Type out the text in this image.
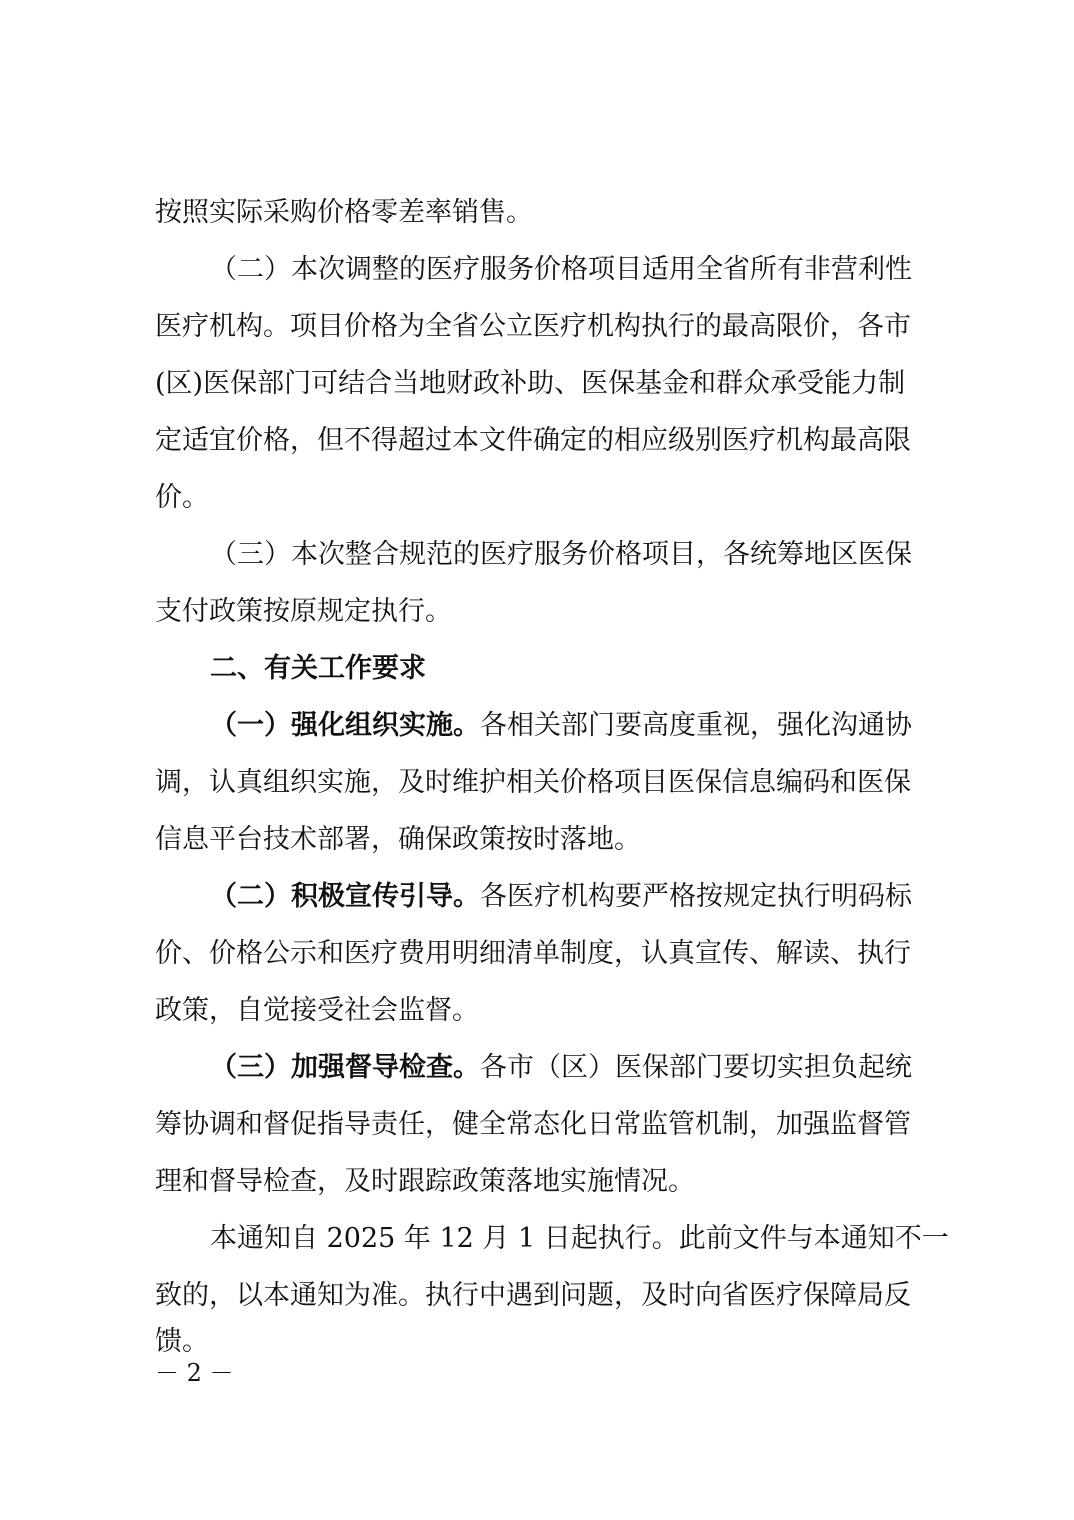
按照实际采购价格零差率销售。
（二）本次调整的医疗服务价格项目适用全省所有非营利性
医疗机构。项目价格为全省公立医疗机构执行的最高限价，各市
(区)医保部门可结合当地财政补助、医保基金和群众承受能力制
定适宜价格，但不得超过本文件确定的相应级别医疗机构最高限
价。
（三）本次整合规范的医疗服务价格项目，各统筹地区医保
支付政策按原规定执行。
二、有关工作要求
（一）强化组织实施。各相关部门要高度重视，强化沟通协
调，认真组织实施，及时维护相关价格项目医保信息编码和医保
信息平台技术部署，确保政策按时落地。
（二）积极宣传引导。各医疗机构要严格按规定执行明码标
价、价格公示和医疗费用明细清单制度，认真宣传、解读、执行
政策，自觉接受社会监督。
（三）加强督导检查。各市（区）医保部门要切实担负起统
筹协调和督促指导责任，健全常态化日常监管机制，加强监督管
理和督导检查，及时跟踪政策落地实施情况。
本通知自 2025 年 12 月 1 日起执行。此前文件与本通知不一
致的，以本通知为准。执行中遇到问题，及时向省医疗保障局反
馈。
－ 2 －
